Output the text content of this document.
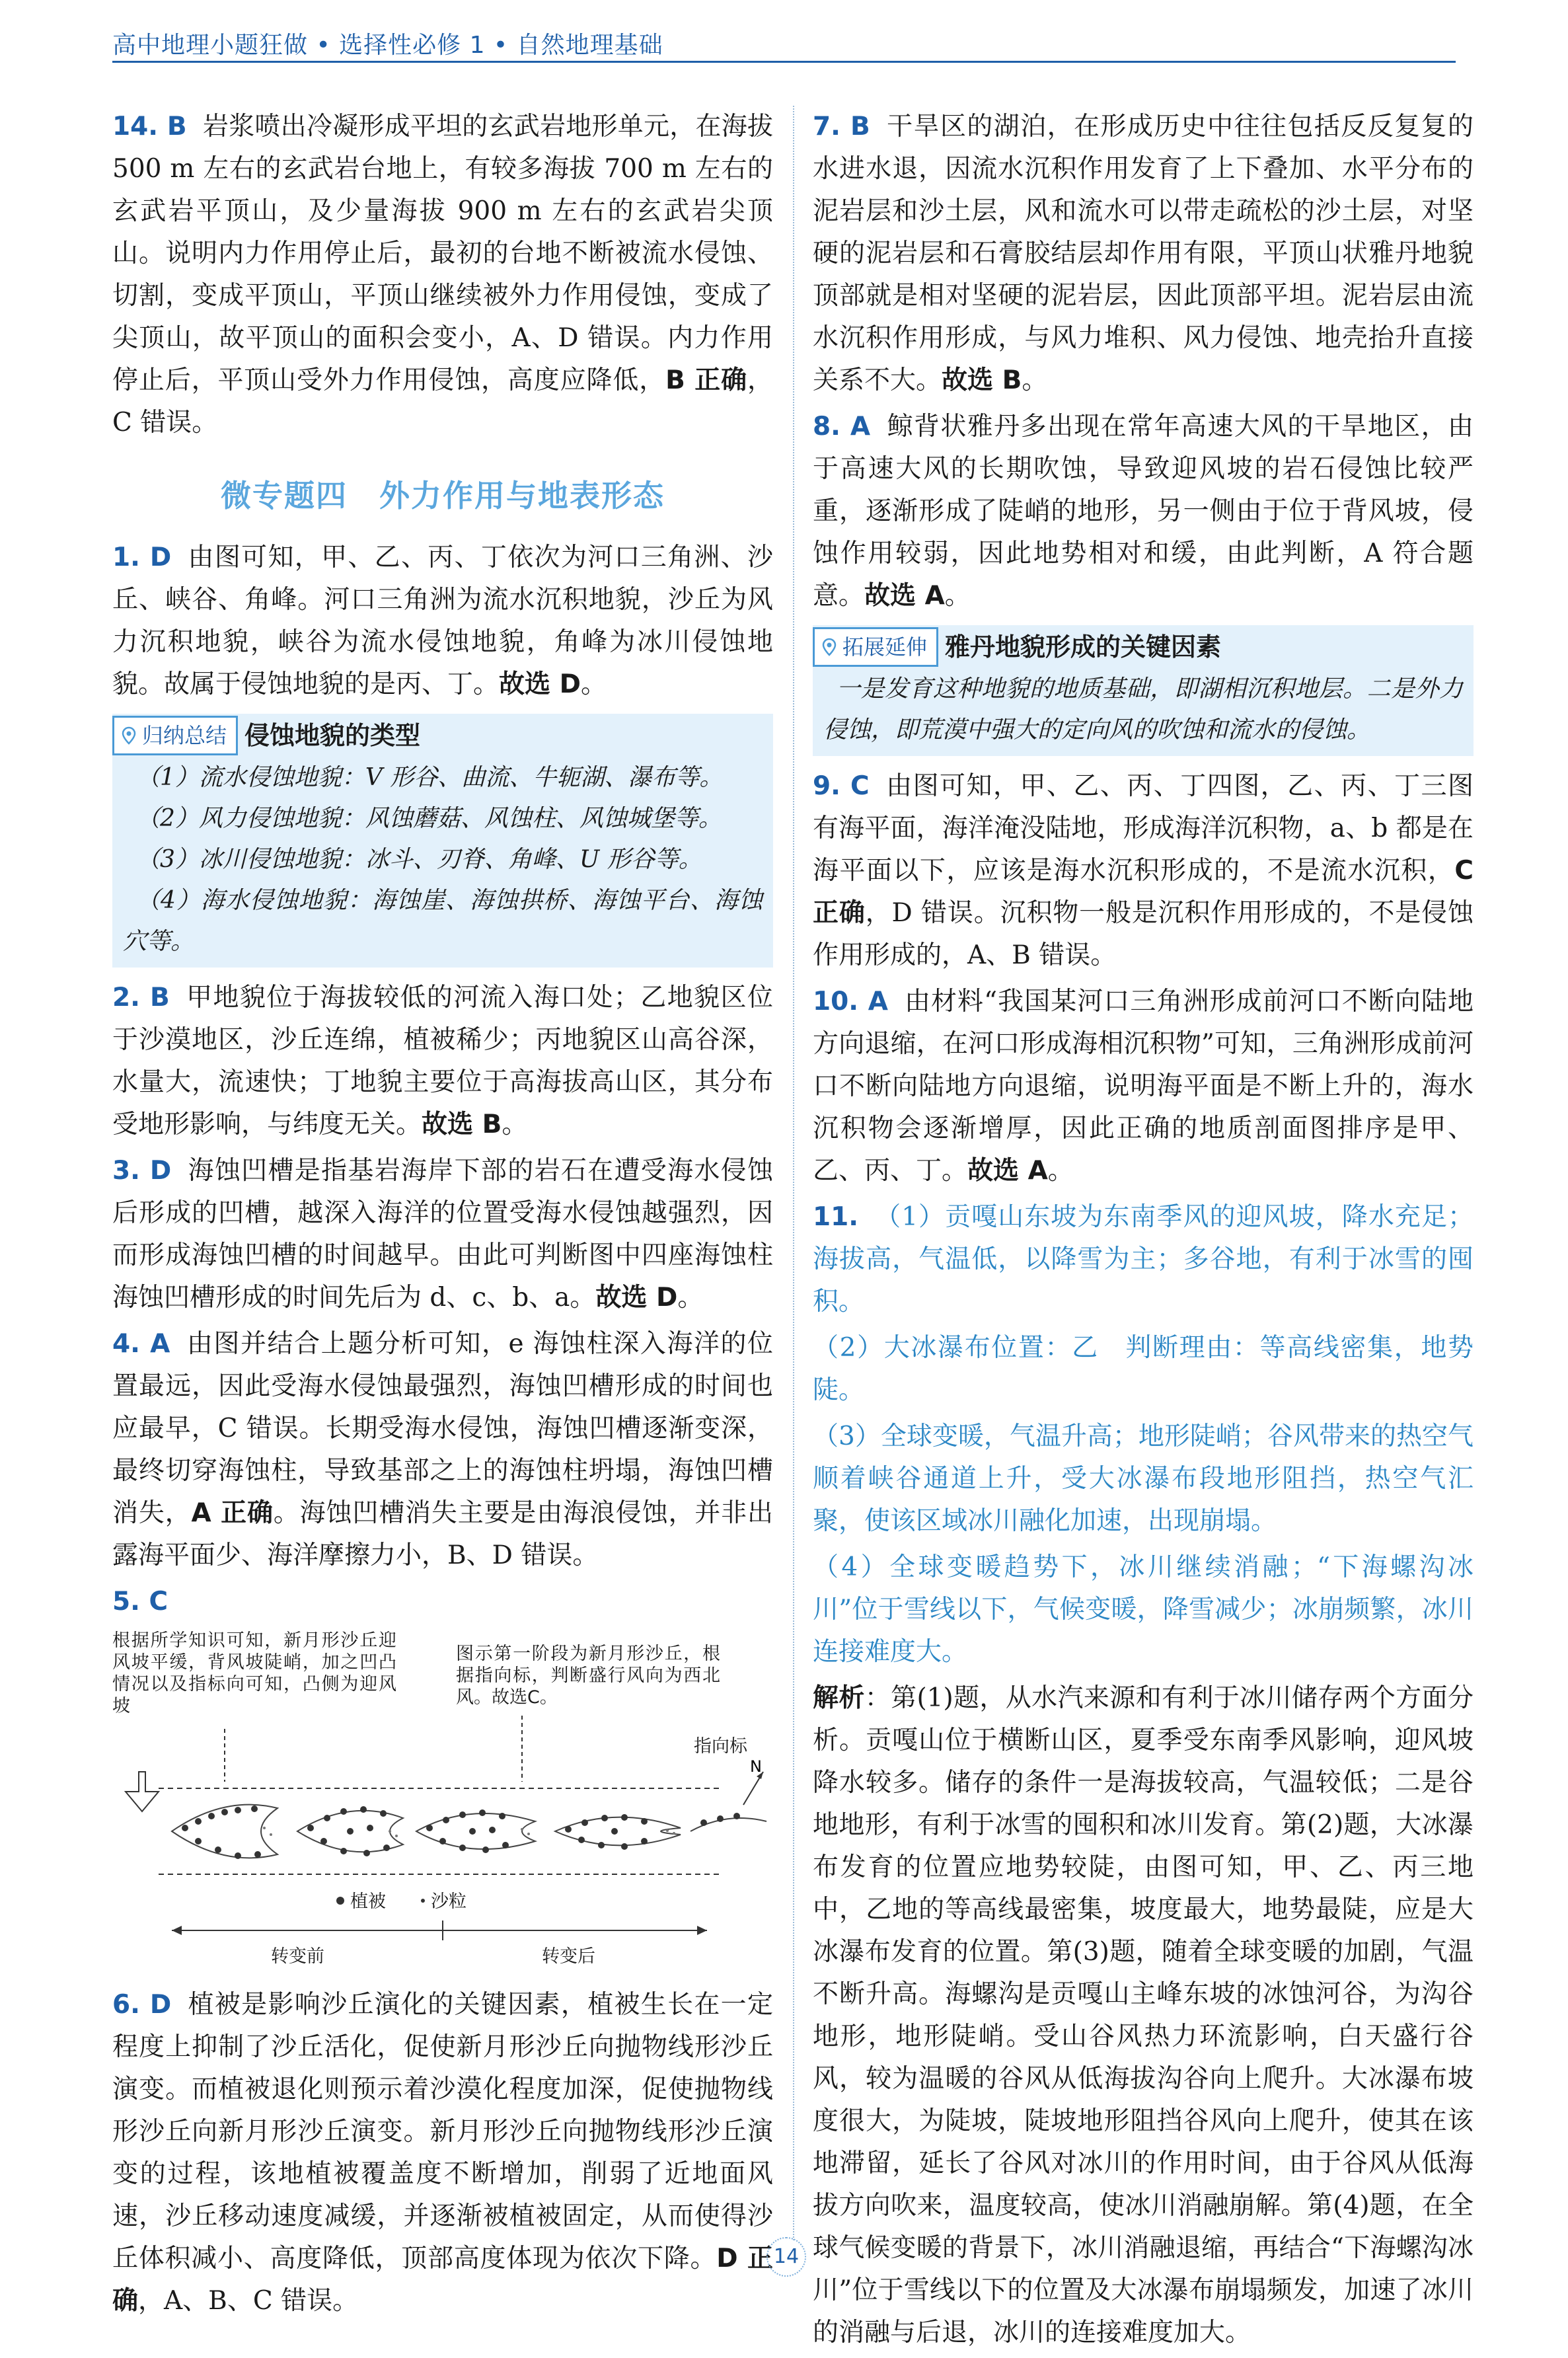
高中地理小题狂做 • 选择性必修 1 • 自然地理基础

14. B 岩浆喷出冷凝形成平坦的玄武岩地形单元，在海拔 500 m 左右的玄武岩台地上，有较多海拔 700 m 左右的玄武岩平顶山，及少量海拔 900 m 左右的玄武岩尖顶山。说明内力作用停止后，最初的台地不断被流水侵蚀、切割，变成平顶山，平顶山继续被外力作用侵蚀，变成了尖顶山，故平顶山的面积会变小，A、D 错误。内力作用停止后，平顶山受外力作用侵蚀，高度应降低，B 正确，C 错误。

微专题四　外力作用与地表形态

1. D 由图可知，甲、乙、丙、丁依次为河口三角洲、沙丘、峡谷、角峰。河口三角洲为流水沉积地貌，沙丘为风力沉积地貌，峡谷为流水侵蚀地貌，角峰为冰川侵蚀地貌。故属于侵蚀地貌的是丙、丁。故选 D。

归纳总结 侵蚀地貌的类型
（1）流水侵蚀地貌：V 形谷、曲流、牛轭湖、瀑布等。
（2）风力侵蚀地貌：风蚀蘑菇、风蚀柱、风蚀城堡等。
（3）冰川侵蚀地貌：冰斗、刃脊、角峰、U 形谷等。
（4）海水侵蚀地貌：海蚀崖、海蚀拱桥、海蚀平台、海蚀穴等。

2. B 甲地貌位于海拔较低的河流入海口处；乙地貌区位于沙漠地区，沙丘连绵，植被稀少；丙地貌区山高谷深，水量大，流速快；丁地貌主要位于高海拔高山区，其分布受地形影响，与纬度无关。故选 B。

3. D 海蚀凹槽是指基岩海岸下部的岩石在遭受海水侵蚀后形成的凹槽，越深入海洋的位置受海水侵蚀越强烈，因而形成海蚀凹槽的时间越早。由此可判断图中四座海蚀柱海蚀凹槽形成的时间先后为 d、c、b、a。故选 D。

4. A 由图并结合上题分析可知，e 海蚀柱深入海洋的位置最远，因此受海水侵蚀最强烈，海蚀凹槽形成的时间也应最早，C 错误。长期受海水侵蚀，海蚀凹槽逐渐变深，最终切穿海蚀柱，导致基部之上的海蚀柱坍塌，海蚀凹槽消失，A 正确。海蚀凹槽消失主要是由海浪侵蚀，并非出露海平面少、海洋摩擦力小，B、D 错误。

5. C

根据所学知识可知，新月形沙丘迎风坡平缓，背风坡陡峭，加之凹凸情况以及指标向可知，凸侧为迎风坡
图示第一阶段为新月形沙丘，根据指向标，判断盛行风向为西北风。故选C。
指向标
N
植被	沙粒
转变前	转变后

6. D 植被是影响沙丘演化的关键因素，植被生长在一定程度上抑制了沙丘活化，促使新月形沙丘向抛物线形沙丘演变。而植被退化则预示着沙漠化程度加深，促使抛物线形沙丘向新月形沙丘演变。新月形沙丘向抛物线形沙丘演变的过程，该地植被覆盖度不断增加，削弱了近地面风速，沙丘移动速度减缓，并逐渐被植被固定，从而使得沙丘体积减小、高度降低，顶部高度体现为依次下降。D 正确，A、B、C 错误。

7. B 干旱区的湖泊，在形成历史中往往包括反反复复的水进水退，因流水沉积作用发育了上下叠加、水平分布的泥岩层和沙土层，风和流水可以带走疏松的沙土层，对坚硬的泥岩层和石膏胶结层却作用有限，平顶山状雅丹地貌顶部就是相对坚硬的泥岩层，因此顶部平坦。泥岩层由流水沉积作用形成，与风力堆积、风力侵蚀、地壳抬升直接关系不大。故选 B。

8. A 鲸背状雅丹多出现在常年高速大风的干旱地区，由于高速大风的长期吹蚀，导致迎风坡的岩石侵蚀比较严重，逐渐形成了陡峭的地形，另一侧由于位于背风坡，侵蚀作用较弱，因此地势相对和缓，由此判断，A 符合题意。故选 A。

拓展延伸 雅丹地貌形成的关键因素
一是发育这种地貌的地质基础，即湖相沉积地层。二是外力侵蚀，即荒漠中强大的定向风的吹蚀和流水的侵蚀。

9. C 由图可知，甲、乙、丙、丁四图，乙、丙、丁三图有海平面，海洋淹没陆地，形成海洋沉积物，a、b 都是在海平面以下，应该是海水沉积形成的，不是流水沉积，C 正确，D 错误。沉积物一般是沉积作用形成的，不是侵蚀作用形成的，A、B 错误。

10. A 由材料“我国某河口三角洲形成前河口不断向陆地方向退缩，在河口形成海相沉积物”可知，三角洲形成前河口不断向陆地方向退缩，说明海平面是不断上升的，海水沉积物会逐渐增厚，因此正确的地质剖面图排序是甲、乙、丙、丁。故选 A。

11. （1）贡嘎山东坡为东南季风的迎风坡，降水充足；海拔高，气温低，以降雪为主；多谷地，有利于冰雪的囤积。

（2）大冰瀑布位置：乙　判断理由：等高线密集，地势陡。

（3）全球变暖，气温升高；地形陡峭；谷风带来的热空气顺着峡谷通道上升，受大冰瀑布段地形阻挡，热空气汇聚，使该区域冰川融化加速，出现崩塌。

（4）全球变暖趋势下，冰川继续消融；“下海螺沟冰川”位于雪线以下，气候变暖，降雪减少；冰崩频繁，冰川连接难度大。

解析：第(1)题，从水汽来源和有利于冰川储存两个方面分析。贡嘎山位于横断山区，夏季受东南季风影响，迎风坡降水较多。储存的条件一是海拔较高，气温较低；二是谷地地形，有利于冰雪的囤积和冰川发育。第(2)题，大冰瀑布发育的位置应地势较陡，由图可知，甲、乙、丙三地中，乙地的等高线最密集，坡度最大，地势最陡，应是大冰瀑布发育的位置。第(3)题，随着全球变暖的加剧，气温不断升高。海螺沟是贡嘎山主峰东坡的冰蚀河谷，为沟谷地形，地形陡峭。受山谷风热力环流影响，白天盛行谷风，较为温暖的谷风从低海拔沟谷向上爬升。大冰瀑布坡度很大，为陡坡，陡坡地形阻挡谷风向上爬升，使其在该地滞留，延长了谷风对冰川的作用时间，由于谷风从低海拔方向吹来，温度较高，使冰川消融崩解。第(4)题，在全球气候变暖的背景下，冰川消融退缩，再结合“下海螺沟冰川”位于雪线以下的位置及大冰瀑布崩塌频发，加速了冰川的消融与后退，冰川的连接难度加大。

14
